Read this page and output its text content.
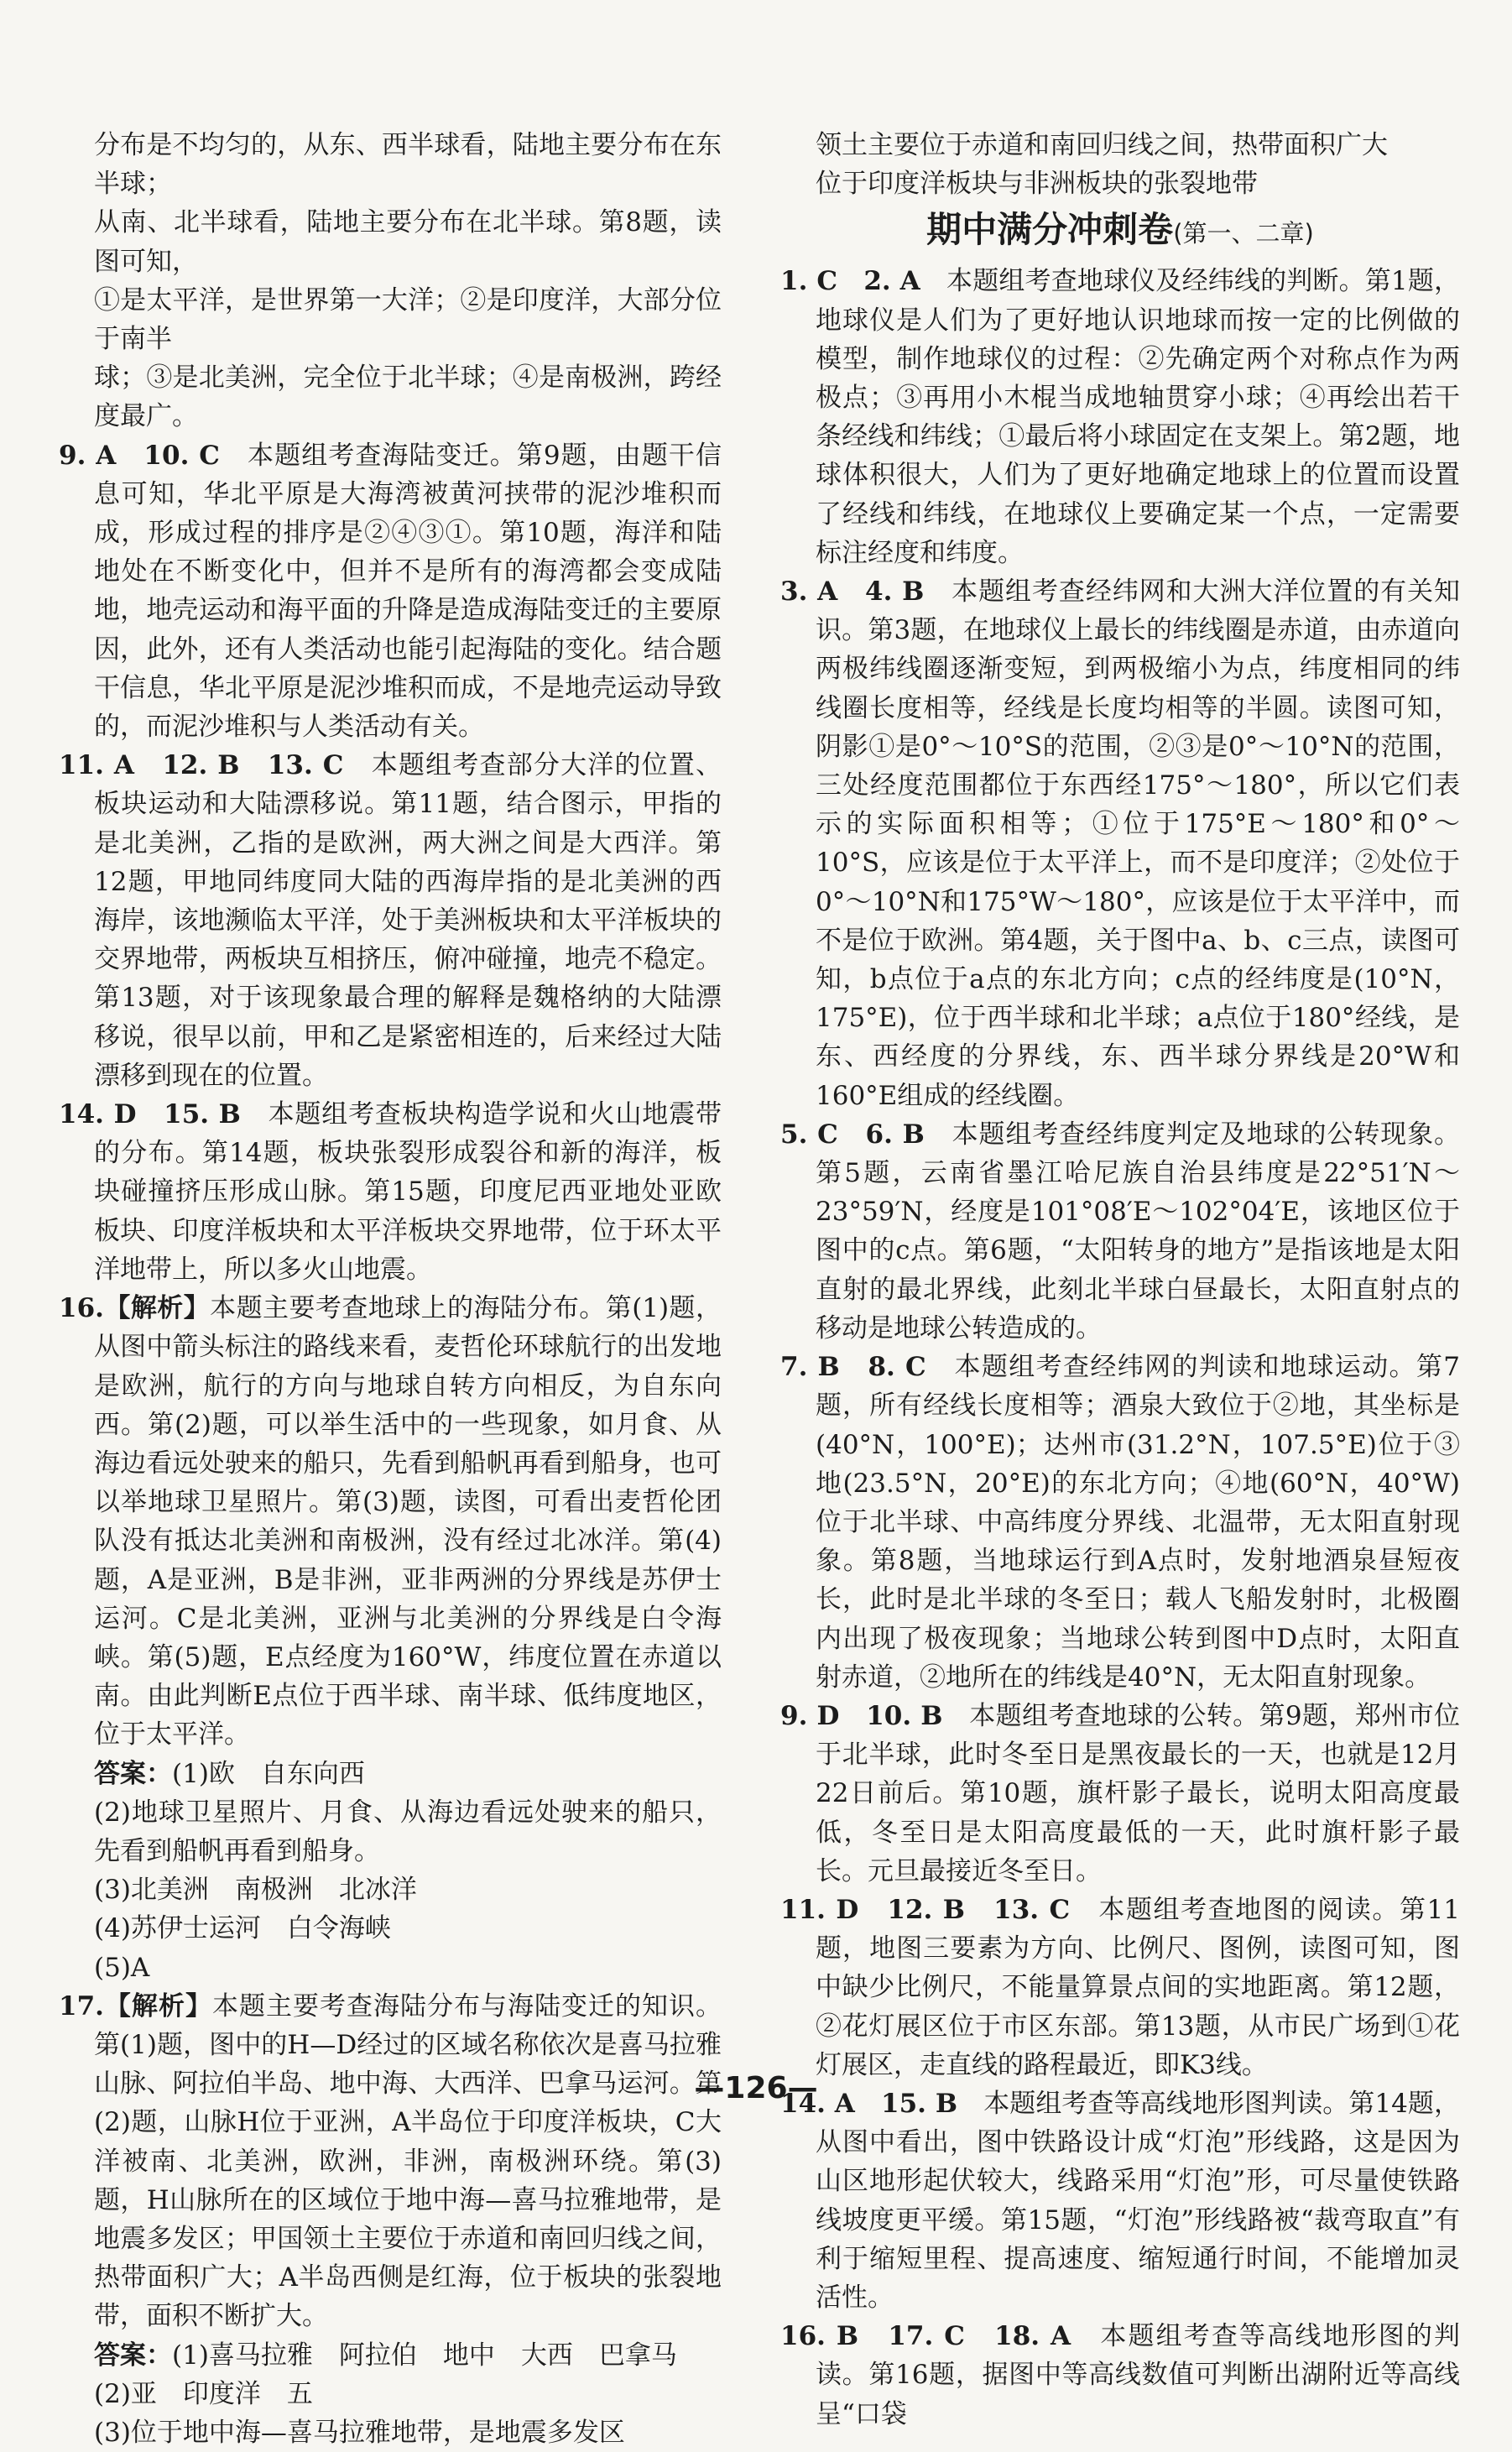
分布是不均匀的，从东、西半球看，陆地主要分布在东半球；

从南、北半球看，陆地主要分布在北半球。第8题，读图可知，

①是太平洋，是世界第一大洋；②是印度洋，大部分位于南半

球；③是北美洲，完全位于北半球；④是南极洲，跨经度最广。

9. A　10. C　本题组考查海陆变迁。第9题，由题干信息可知，华北平原是大海湾被黄河挟带的泥沙堆积而成，形成过程的排序是②④③①。第10题，海洋和陆地处在不断变化中，但并不是所有的海湾都会变成陆地，地壳运动和海平面的升降是造成海陆变迁的主要原因，此外，还有人类活动也能引起海陆的变化。结合题干信息，华北平原是泥沙堆积而成，不是地壳运动导致的，而泥沙堆积与人类活动有关。

11. A　12. B　13. C　本题组考查部分大洋的位置、板块运动和大陆漂移说。第11题，结合图示，甲指的是北美洲，乙指的是欧洲，两大洲之间是大西洋。第12题，甲地同纬度同大陆的西海岸指的是北美洲的西海岸，该地濒临太平洋，处于美洲板块和太平洋板块的交界地带，两板块互相挤压，俯冲碰撞，地壳不稳定。第13题，对于该现象最合理的解释是魏格纳的大陆漂移说，很早以前，甲和乙是紧密相连的，后来经过大陆漂移到现在的位置。

14. D　15. B　本题组考查板块构造学说和火山地震带的分布。第14题，板块张裂形成裂谷和新的海洋，板块碰撞挤压形成山脉。第15题，印度尼西亚地处亚欧板块、印度洋板块和太平洋板块交界地带，位于环太平洋地带上，所以多火山地震。

16.【解析】本题主要考查地球上的海陆分布。第(1)题，从图中箭头标注的路线来看，麦哲伦环球航行的出发地是欧洲，航行的方向与地球自转方向相反，为自东向西。第(2)题，可以举生活中的一些现象，如月食、从海边看远处驶来的船只，先看到船帆再看到船身，也可以举地球卫星照片。第(3)题，读图，可看出麦哲伦团队没有抵达北美洲和南极洲，没有经过北冰洋。第(4)题，A是亚洲，B是非洲，亚非两洲的分界线是苏伊士运河。C是北美洲，亚洲与北美洲的分界线是白令海峡。第(5)题，E点经度为160°W，纬度位置在赤道以南。由此判断E点位于西半球、南半球、低纬度地区，位于太平洋。

答案：(1)欧　自东向西

(2)地球卫星照片、月食、从海边看远处驶来的船只，先看到船帆再看到船身。

(3)北美洲　南极洲　北冰洋

(4)苏伊士运河　白令海峡

(5)A

17.【解析】本题主要考查海陆分布与海陆变迁的知识。第(1)题，图中的H—D经过的区域名称依次是喜马拉雅山脉、阿拉伯半岛、地中海、大西洋、巴拿马运河。第(2)题，山脉H位于亚洲，A半岛位于印度洋板块，C大洋被南、北美洲，欧洲，非洲，南极洲环绕。第(3)题，H山脉所在的区域位于地中海—喜马拉雅地带，是地震多发区；甲国领土主要位于赤道和南回归线之间，热带面积广大；A半岛西侧是红海，位于板块的张裂地带，面积不断扩大。

答案：(1)喜马拉雅　阿拉伯　地中　大西　巴拿马

(2)亚　印度洋　五

(3)位于地中海—喜马拉雅地带，是地震多发区

领土主要位于赤道和南回归线之间，热带面积广大

位于印度洋板块与非洲板块的张裂地带

期中满分冲刺卷(第一、二章)

1. C　2. A　本题组考查地球仪及经纬线的判断。第1题，地球仪是人们为了更好地认识地球而按一定的比例做的模型，制作地球仪的过程：②先确定两个对称点作为两极点；③再用小木棍当成地轴贯穿小球；④再绘出若干条经线和纬线；①最后将小球固定在支架上。第2题，地球体积很大，人们为了更好地确定地球上的位置而设置了经线和纬线，在地球仪上要确定某一个点，一定需要标注经度和纬度。

3. A　4. B　本题组考查经纬网和大洲大洋位置的有关知识。第3题，在地球仪上最长的纬线圈是赤道，由赤道向两极纬线圈逐渐变短，到两极缩小为点，纬度相同的纬线圈长度相等，经线是长度均相等的半圆。读图可知，阴影①是0°～10°S的范围，②③是0°～10°N的范围，三处经度范围都位于东西经175°～180°，所以它们表示的实际面积相等；①位于175°E～180°和0°～10°S，应该是位于太平洋上，而不是印度洋；②处位于0°～10°N和175°W～180°，应该是位于太平洋中，而不是位于欧洲。第4题，关于图中a、b、c三点，读图可知，b点位于a点的东北方向；c点的经纬度是(10°N，175°E)，位于西半球和北半球；a点位于180°经线，是东、西经度的分界线，东、西半球分界线是20°W和160°E组成的经线圈。

5. C　6. B　本题组考查经纬度判定及地球的公转现象。第5题，云南省墨江哈尼族自治县纬度是22°51′N～23°59′N，经度是101°08′E～102°04′E，该地区位于图中的c点。第6题，“太阳转身的地方”是指该地是太阳直射的最北界线，此刻北半球白昼最长，太阳直射点的移动是地球公转造成的。

7. B　8. C　本题组考查经纬网的判读和地球运动。第7题，所有经线长度相等；酒泉大致位于②地，其坐标是(40°N，100°E)；达州市(31.2°N，107.5°E)位于③地(23.5°N，20°E)的东北方向；④地(60°N，40°W)位于北半球、中高纬度分界线、北温带，无太阳直射现象。第8题，当地球运行到A点时，发射地酒泉昼短夜长，此时是北半球的冬至日；载人飞船发射时，北极圈内出现了极夜现象；当地球公转到图中D点时，太阳直射赤道，②地所在的纬线是40°N，无太阳直射现象。

9. D　10. B　本题组考查地球的公转。第9题，郑州市位于北半球，此时冬至日是黑夜最长的一天，也就是12月22日前后。第10题，旗杆影子最长，说明太阳高度最低，冬至日是太阳高度最低的一天，此时旗杆影子最长。元旦最接近冬至日。

11. D　12. B　13. C　本题组考查地图的阅读。第11题，地图三要素为方向、比例尺、图例，读图可知，图中缺少比例尺，不能量算景点间的实地距离。第12题，②花灯展区位于市区东部。第13题，从市民广场到①花灯展区，走直线的路程最近，即K3线。

14. A　15. B　本题组考查等高线地形图判读。第14题，从图中看出，图中铁路设计成“灯泡”形线路，这是因为山区地形起伏较大，线路采用“灯泡”形，可尽量使铁路线坡度更平缓。第15题，“灯泡”形线路被“裁弯取直”有利于缩短里程、提高速度、缩短通行时间，不能增加灵活性。

16. B　17. C　18. A　本题组考查等高线地形图的判读。第16题，据图中等高线数值可判断出湖附近等高线呈“口袋

—126—
